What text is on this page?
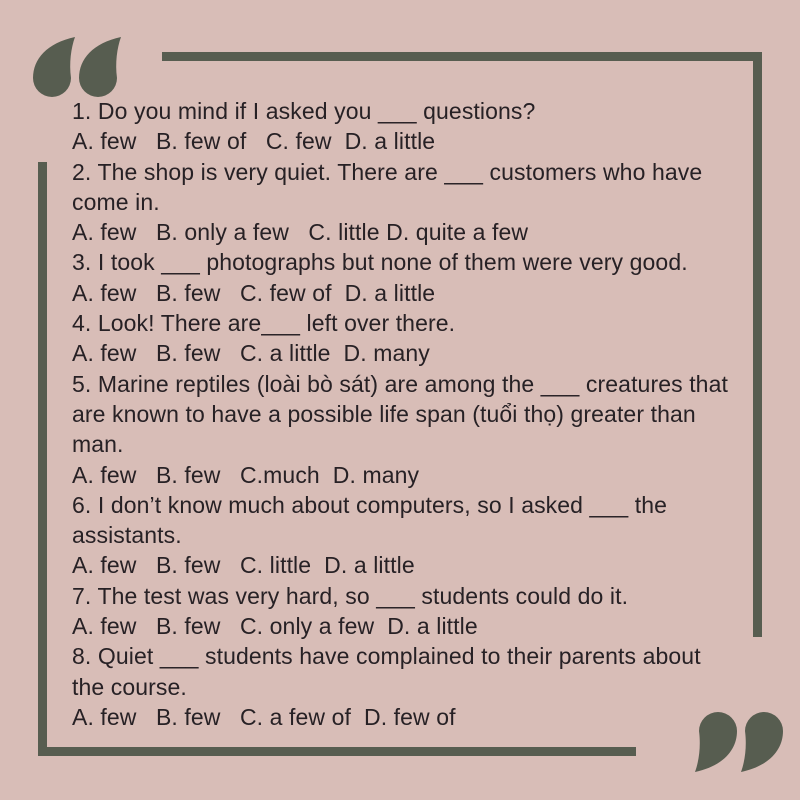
1. Do you mind if I asked you ___ questions?
A. few   B. few of   C. few  D. a little
2. The shop is very quiet. There are ___ customers who have
come in.
A. few   B. only a few   C. little D. quite a few
3. I took ___ photographs but none of them were very good.
A. few   B. few   C. few of  D. a little
4. Look! There are___ left over there.
A. few   B. few   C. a little  D. many
5. Marine reptiles (loài bò sát) are among the ___ creatures that
are known to have a possible life span (tuổi thọ) greater than
man.
A. few   B. few   C.much  D. many
6. I don’t know much about computers, so I asked ___ the
assistants.
A. few   B. few   C. little  D. a little
7. The test was very hard, so ___ students could do it.
A. few   B. few   C. only a few  D. a little
8. Quiet ___ students have complained to their parents about
the course.
A. few   B. few   C. a few of  D. few of
